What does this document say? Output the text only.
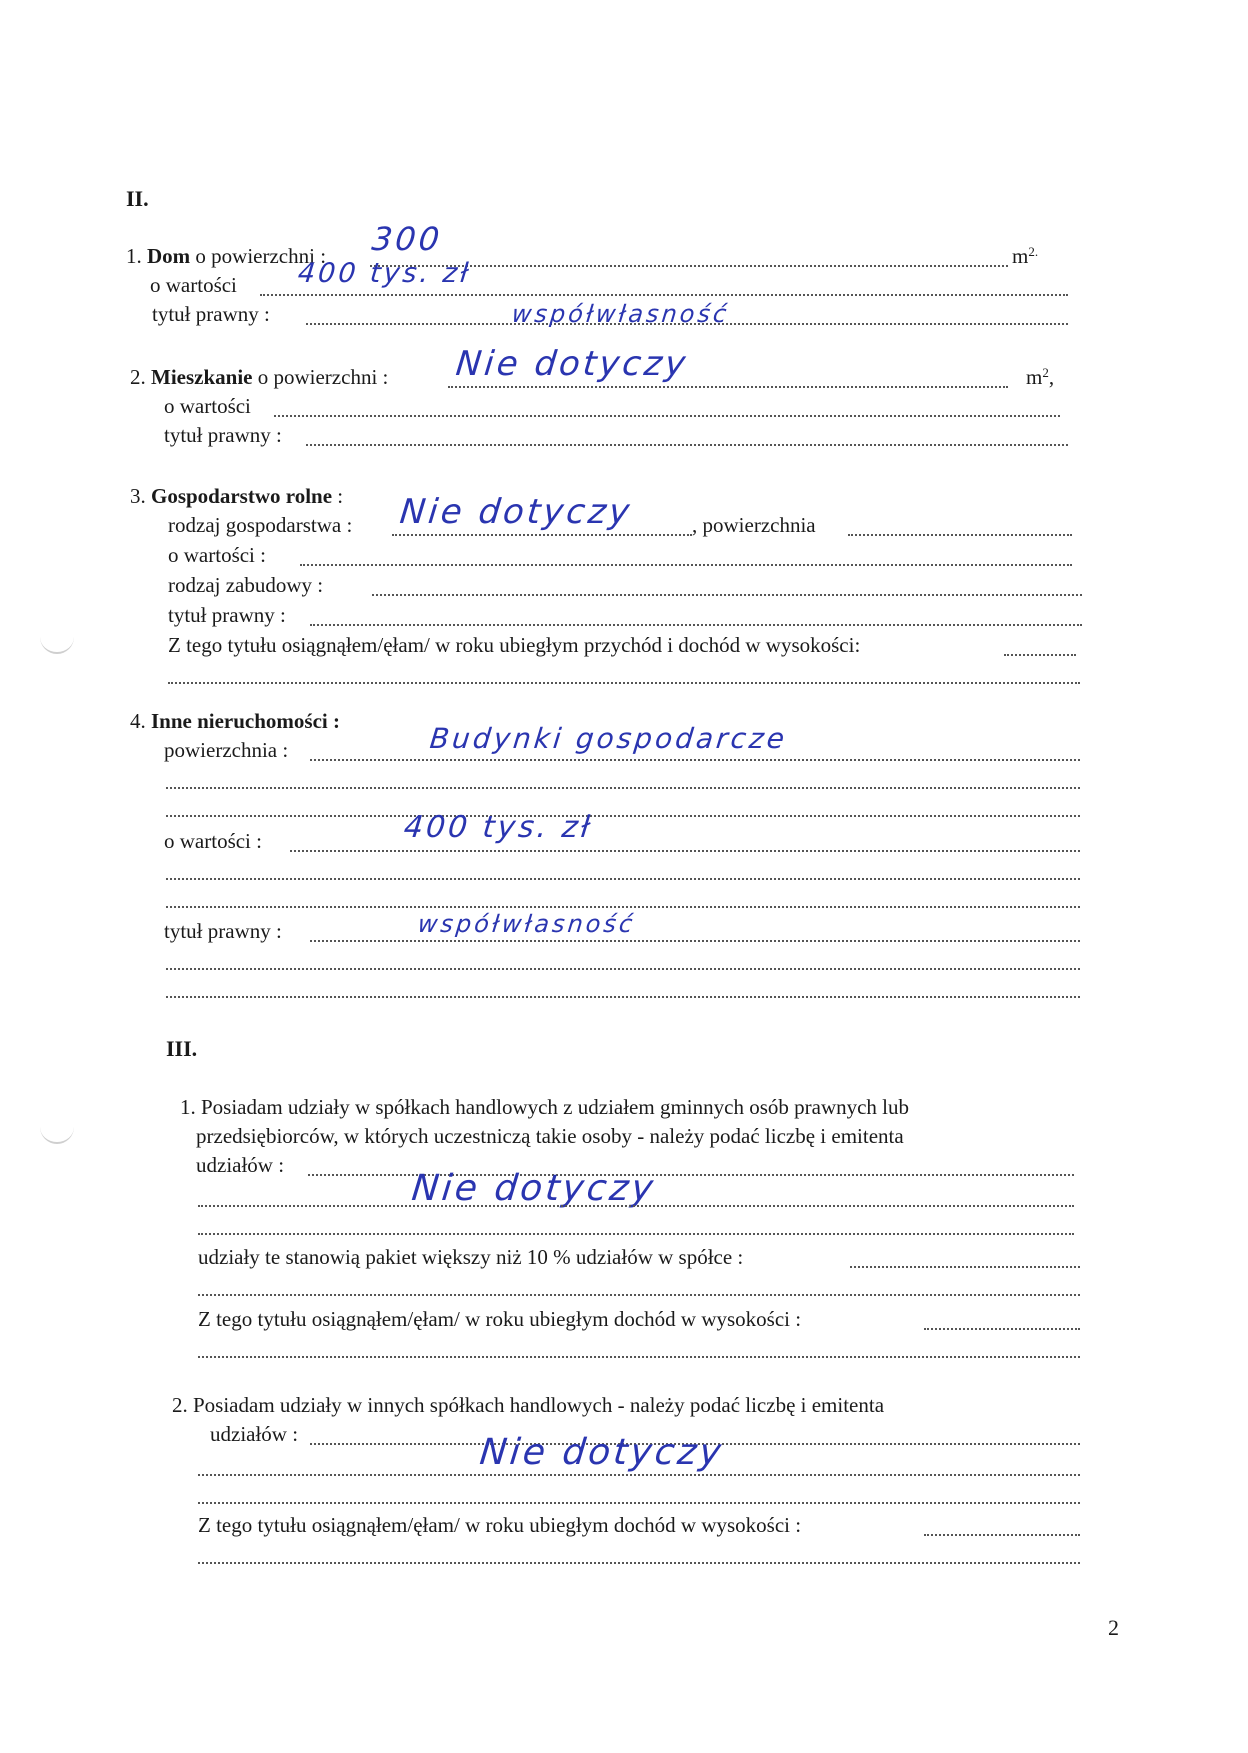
II.
1. Dom o powierzchni : 300	$m^{2.}$
o wartości 400 tys. zł
tytuł prawny :	współwłasność
2. Mieszkanie o powierzchni : Nie dotyczy	$m^2$,
o wartości
tytuł prawny :
3. Gospodarstwo rolne :
rodzaj gospodarstwa : Nie dotyczy	, powierzchnia
o wartości :
rodzaj zabudowy :
tytuł prawny :
Z tego tytułu osiągnąłem/ęłam/ w roku ubiegłym przychód i dochód w wysokości:
4. Inne nieruchomości :
powierzchnia :	Budynki gospodarcze
o wartości :	400 tys. zł
tytuł prawny :	współwłasność
III.
1. Posiadam udziały w spółkach handlowych z udziałem gminnych osób prawnych lub
przedsiębiorców, w których uczestniczą takie osoby - należy podać liczbę i emitenta
udziałów :
Nie dotyczy
udziały te stanowią pakiet większy niż 10 % udziałów w spółce :
Z tego tytułu osiągnąłem/ęłam/ w roku ubiegłym dochód w wysokości :
2. Posiadam udziały w innych spółkach handlowych - należy podać liczbę i emitenta
udziałów :	Nie dotyczy
Z tego tytułu osiągnąłem/ęłam/ w roku ubiegłym dochód w wysokości :
2
